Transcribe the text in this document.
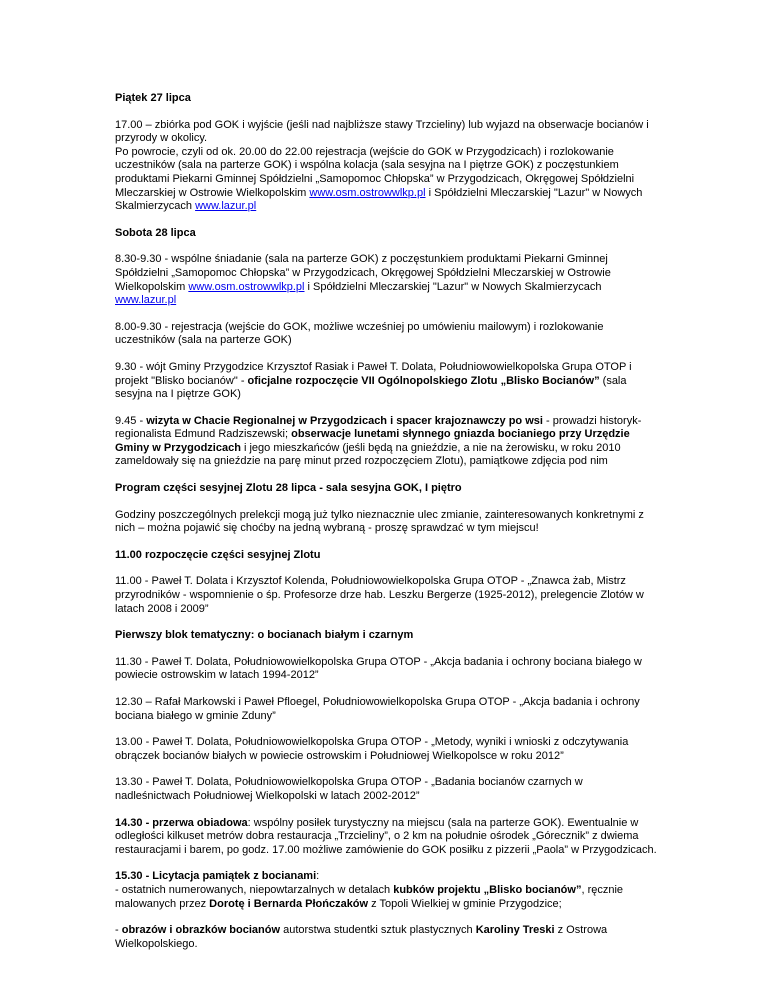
Piątek 27 lipca

17.00 – zbiórka pod GOK i wyjście (jeśli nad najbliższe stawy Trzcieliny) lub wyjazd na obserwacje bocianów i przyrody w okolicy.
Po powrocie, czyli od ok. 20.00 do 22.00 rejestracja (wejście do GOK w Przygodzicach) i rozlokowanie uczestników (sala na parterze GOK) i wspólna kolacja (sala sesyjna na I piętrze GOK) z poczęstunkiem produktami Piekarni Gminnej Spółdzielni „Samopomoc Chłopska” w Przygodzicach, Okręgowej Spółdzielni Mleczarskiej w Ostrowie Wielkopolskim www.osm.ostrowwlkp.pl i Spółdzielni Mleczarskiej "Lazur" w Nowych Skalmierzycach www.lazur.pl

Sobota 28 lipca

8.30-9.30 - wspólne śniadanie (sala na parterze GOK) z poczęstunkiem produktami Piekarni Gminnej Spółdzielni „Samopomoc Chłopska” w Przygodzicach, Okręgowej Spółdzielni Mleczarskiej w Ostrowie Wielkopolskim www.osm.ostrowwlkp.pl i Spółdzielni Mleczarskiej "Lazur" w Nowych Skalmierzycach www.lazur.pl

8.00-9.30 - rejestracja (wejście do GOK, możliwe wcześniej po umówieniu mailowym) i rozlokowanie uczestników (sala na parterze GOK)

9.30 - wójt Gminy Przygodzice Krzysztof Rasiak i Paweł T. Dolata, Południowowielkopolska Grupa OTOP i projekt "Blisko bocianów" - oficjalne rozpoczęcie VII Ogólnopolskiego Zlotu „Blisko Bocianów” (sala sesyjna na I piętrze GOK)

9.45 - wizyta w Chacie Regionalnej w Przygodzicach i spacer krajoznawczy po wsi - prowadzi historyk-regionalista Edmund Radziszewski; obserwacje lunetami słynnego gniazda bocianiego przy Urzędzie Gminy w Przygodzicach i jego mieszkańców (jeśli będą na gnieździe, a nie na żerowisku, w roku 2010 zameldowały się na gnieździe na parę minut przed rozpoczęciem Zlotu), pamiątkowe zdjęcia pod nim

Program części sesyjnej Zlotu 28 lipca - sala sesyjna GOK, I piętro

Godziny poszczególnych prelekcji mogą już tylko nieznacznie ulec zmianie, zainteresowanych konkretnymi z nich – można pojawić się choćby na jedną wybraną - proszę sprawdzać w tym miejscu!

11.00 rozpoczęcie części sesyjnej Zlotu

11.00 - Paweł T. Dolata i Krzysztof Kolenda, Południowowielkopolska Grupa OTOP - „Znawca żab, Mistrz przyrodników - wspomnienie o śp. Profesorze drze hab. Leszku Bergerze (1925-2012), prelegencie Zlotów w latach 2008 i 2009”

Pierwszy blok tematyczny: o bocianach białym i czarnym

11.30 - Paweł T. Dolata, Południowowielkopolska Grupa OTOP - „Akcja badania i ochrony bociana białego w powiecie ostrowskim w latach 1994-2012”

12.30 – Rafał Markowski i Paweł Pfloegel, Południowowielkopolska Grupa OTOP - „Akcja badania i ochrony bociana białego w gminie Zduny”

13.00 - Paweł T. Dolata, Południowowielkopolska Grupa OTOP - „Metody, wyniki i wnioski z odczytywania obrączek bocianów białych w powiecie ostrowskim i Południowej Wielkopolsce w roku 2012”

13.30 - Paweł T. Dolata, Południowowielkopolska Grupa OTOP - „Badania bocianów czarnych w nadleśnictwach Południowej Wielkopolski w latach 2002-2012”

14.30 - przerwa obiadowa: wspólny posiłek turystyczny na miejscu (sala na parterze GOK). Ewentualnie w odległości kilkuset metrów dobra restauracja „Trzcieliny”, o 2 km na południe ośrodek „Górecznik” z dwiema restauracjami i barem, po godz. 17.00 możliwe zamówienie do GOK posiłku z pizzerii „Paola” w Przygodzicach.

15.30 - Licytacja pamiątek z bocianami:
- ostatnich numerowanych, niepowtarzalnych w detalach kubków projektu „Blisko bocianów”, ręcznie malowanych przez Dorotę i Bernarda Płończaków z Topoli Wielkiej w gminie Przygodzice;

- obrazów i obrazków bocianów autorstwa studentki sztuk plastycznych Karoliny Treski z Ostrowa Wielkopolskiego.
